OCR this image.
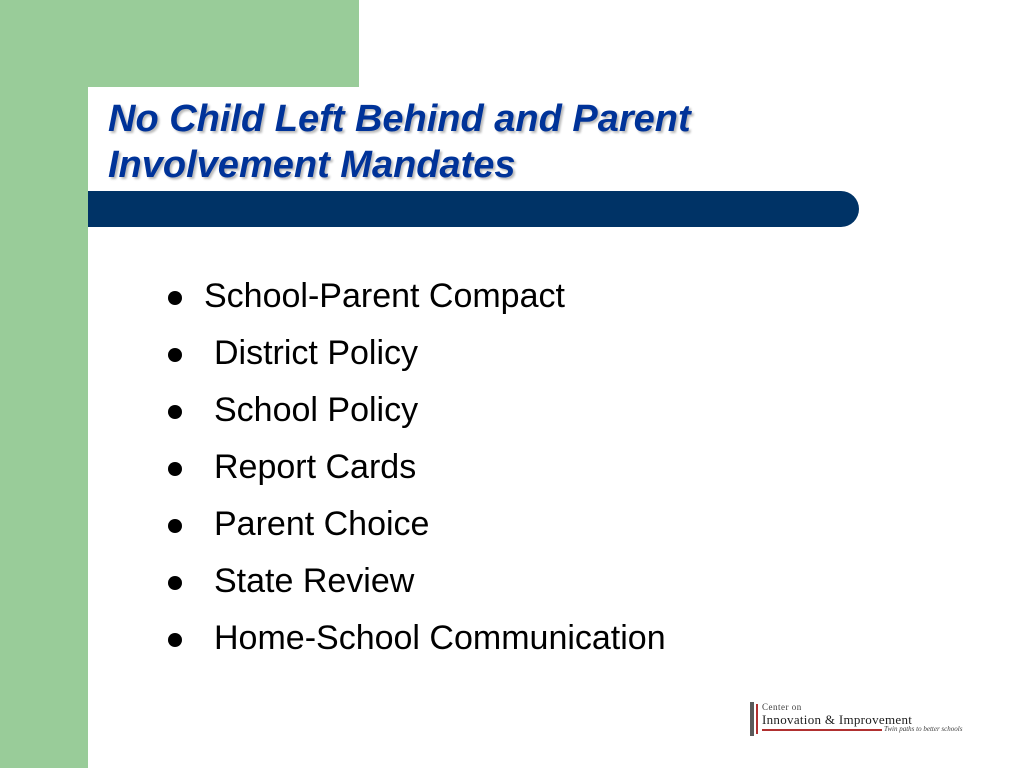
No Child Left Behind and Parent
Involvement Mandates
School-Parent Compact
District Policy
School Policy
Report Cards
Parent Choice
State Review
Home-School Communication
Center on
Innovation & Improvement
Twin paths to better schools
